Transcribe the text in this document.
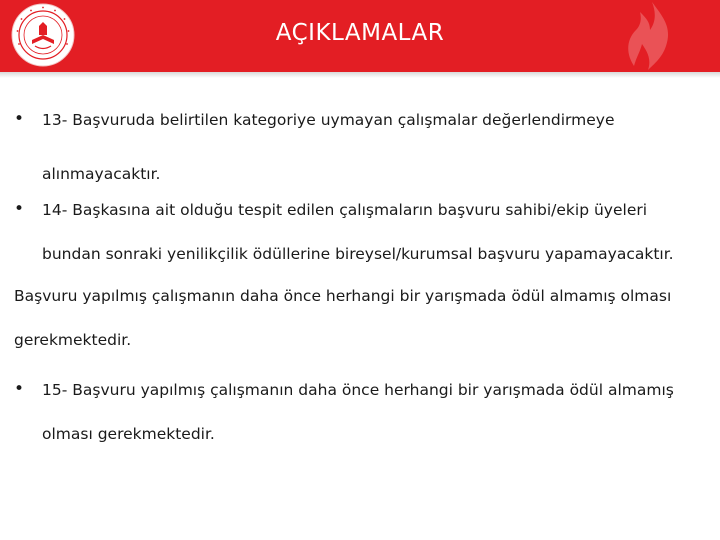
AÇIKLAMALAR
• 13- Başvuruda belirtilen kategoriye uymayan çalışmalar değerlendirmeye
alınmayacaktır.
• 14- Başkasına ait olduğu tespit edilen çalışmaların başvuru sahibi/ekip üyeleri
bundan sonraki yenilikçilik ödüllerine bireysel/kurumsal başvuru yapamayacaktır.
Başvuru yapılmış çalışmanın daha önce herhangi bir yarışmada ödül almamış olması
gerekmektedir.
• 15- Başvuru yapılmış çalışmanın daha önce herhangi bir yarışmada ödül almamış
olması gerekmektedir.
